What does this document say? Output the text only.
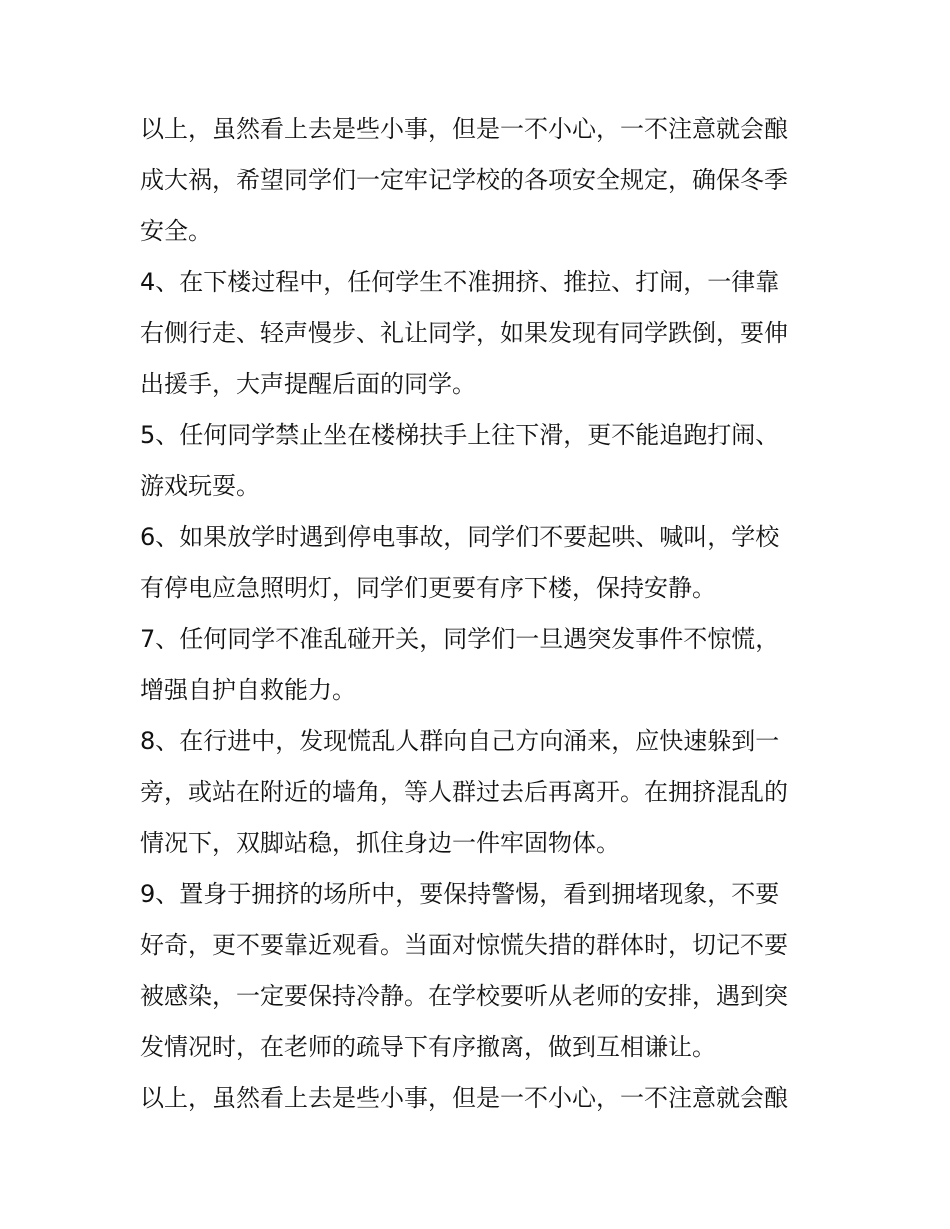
以上，虽然看上去是些小事，但是一不小心，一不注意就会酿
成大祸，希望同学们一定牢记学校的各项安全规定，确保冬季
安全。
4、在下楼过程中，任何学生不准拥挤、推拉、打闹，一律靠
右侧行走、轻声慢步、礼让同学，如果发现有同学跌倒，要伸
出援手，大声提醒后面的同学。
5、任何同学禁止坐在楼梯扶手上往下滑，更不能追跑打闹、
游戏玩耍。
6、如果放学时遇到停电事故，同学们不要起哄、喊叫，学校
有停电应急照明灯，同学们更要有序下楼，保持安静。
7、任何同学不准乱碰开关，同学们一旦遇突发事件不惊慌，
增强自护自救能力。
8、在行进中，发现慌乱人群向自己方向涌来，应快速躲到一
旁，或站在附近的墙角，等人群过去后再离开。在拥挤混乱的
情况下，双脚站稳，抓住身边一件牢固物体。
9、置身于拥挤的场所中，要保持警惕，看到拥堵现象，不要
好奇，更不要靠近观看。当面对惊慌失措的群体时，切记不要
被感染，一定要保持冷静。在学校要听从老师的安排，遇到突
发情况时，在老师的疏导下有序撤离，做到互相谦让。
以上，虽然看上去是些小事，但是一不小心，一不注意就会酿
